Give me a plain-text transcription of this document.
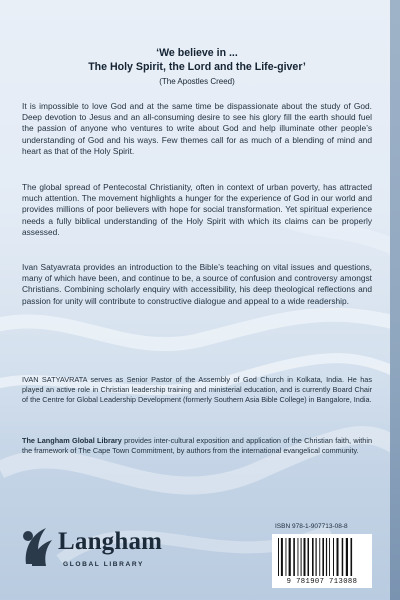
‘We believe in ...
The Holy Spirit, the Lord and the Life-giver’
(The Apostles Creed)

It is impossible to love God and at the same time be dispassionate about the study of God. Deep devotion to Jesus and an all-consuming desire to see his glory fill the earth should fuel the passion of anyone who ventures to write about God and help illuminate other people’s understanding of God and his ways. Few themes call for as much of a blending of mind and heart as that of the Holy Spirit.

The global spread of Pentecostal Christianity, often in context of urban poverty, has attracted much attention. The movement highlights a hunger for the experience of God in our world and provides millions of poor believers with hope for social transformation. Yet spiritual experience needs a fully biblical understanding of the Holy Spirit with which its claims can be properly assessed.

Ivan Satyavrata provides an introduction to the Bible’s teaching on vital issues and questions, many of which have been, and continue to be, a source of confusion and controversy amongst Christians. Combining scholarly enquiry with accessibility, his deep theological reflections and passion for unity will contribute to constructive dialogue and appeal to a wide readership.

IVAN SATYAVRATA serves as Senior Pastor of the Assembly of God Church in Kolkata, India. He has played an active role in Christian leadership training and ministerial education, and is currently Board Chair of the Centre for Global Leadership Development (formerly Southern Asia Bible College) in Bangalore, India.

The Langham Global Library provides inter-cultural exposition and application of the Christian faith, within the framework of The Cape Town Commitment, by authors from the international evangelical community.

Langham
GLOBAL LIBRARY
ISBN 978-1-907713-08-8
9 781907 713088
